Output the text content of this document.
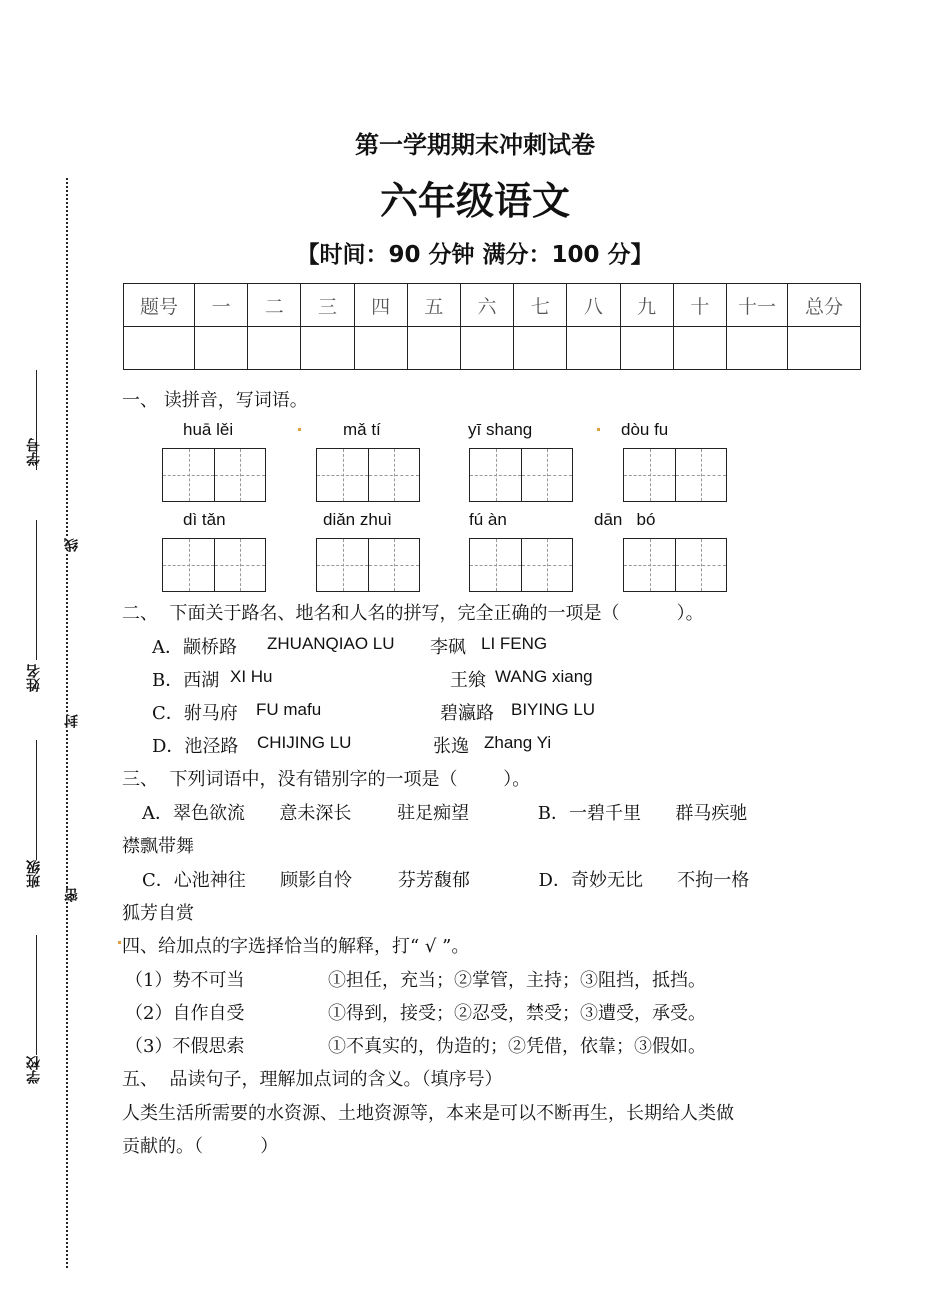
学号
姓名
班级
学校
线
封
密
第一学期期末冲刺试卷
六年级语文
【时间：90 分钟 满分：100 分】
题号	一	二	三	四	五	六	七	八	九	十	十一	总分

一、 读拼音，写词语。
huā lěi	mǎ tí	yī shang	dòu fu
dì tǎn	diǎn zhuì	fú àn	dān   bó
二、  下面关于路名、地名和人名的拼写，完全正确的一项是（          ）。
A．颛桥路 ZHUANQIAO LU 李砜 LI FENG
B．西湖 XI Hu	王飨 WANG xiang
C．驸马府 FU mafu	碧瀛路 BIYING LU
D．池泾路 CHIJING LU	张逸 Zhang Yi
三、  下列词语中，没有错别字的一项是（        ）。
A．翠色欲流      意未深长        驻足痴望            B．一碧千里      群马疾驰
襟飘带舞
C．心池神往      顾影自怜        芬芳馥郁            D．奇妙无比      不拘一格
狐芳自赏
四、给加点的字选择恰当的解释，打“ √ ”。
（1）势不可当	①担任，充当；②掌管，主持；③阻挡，抵挡。
（2）自作自受	①得到，接受；②忍受，禁受；③遭受，承受。
（3）不假思索	①不真实的，伪造的；②凭借，依靠；③假如。
五、  品读句子，理解加点词的含义。（填序号）
人类生活所需要的水资源、土地资源等，本来是可以不断再生，长期给人类做
贡献的。（          ）
